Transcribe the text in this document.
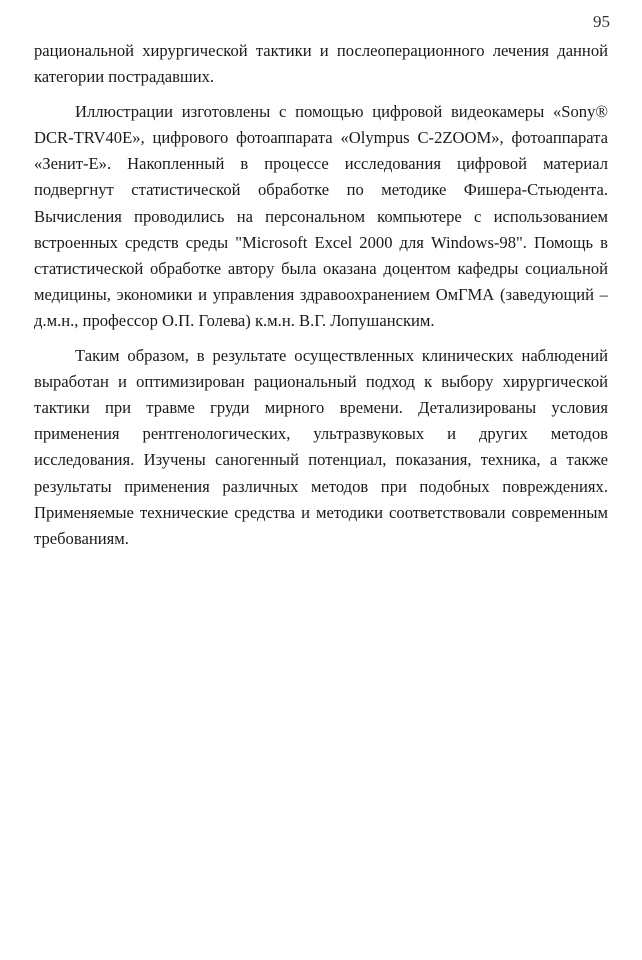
95

рациональной хирургической тактики и послеоперационного лечения данной категории пострадавших.

Иллюстрации изготовлены с помощью цифровой видеокамеры «Sony® DCR-TRV40E», цифрового фотоаппарата «Olympus C-2ZOOM», фотоаппарата «Зенит-Е». Накопленный в процессе исследования цифровой материал подвергнут статистической обработке по методике Фишера-Стьюдента. Вычисления проводились на персональном компьютере с использованием встроенных средств среды "Microsoft Excel 2000 для Windows-98". Помощь в статистической обработке автору была оказана доцентом кафедры социальной медицины, экономики и управления здравоохранением ОмГМА (заведующий – д.м.н., профессор О.П. Голева) к.м.н. В.Г. Лопушанским.

Таким образом, в результате осуществленных клинических наблюдений выработан и оптимизирован рациональный подход к выбору хирургической тактики при травме груди мирного времени. Детализированы условия применения рентгенологических, ультразвуковых и других методов исследования. Изучены саногенный потенциал, показания, техника, а также результаты применения различных методов при подобных повреждениях. Применяемые технические средства и методики соответствовали современным требованиям.
